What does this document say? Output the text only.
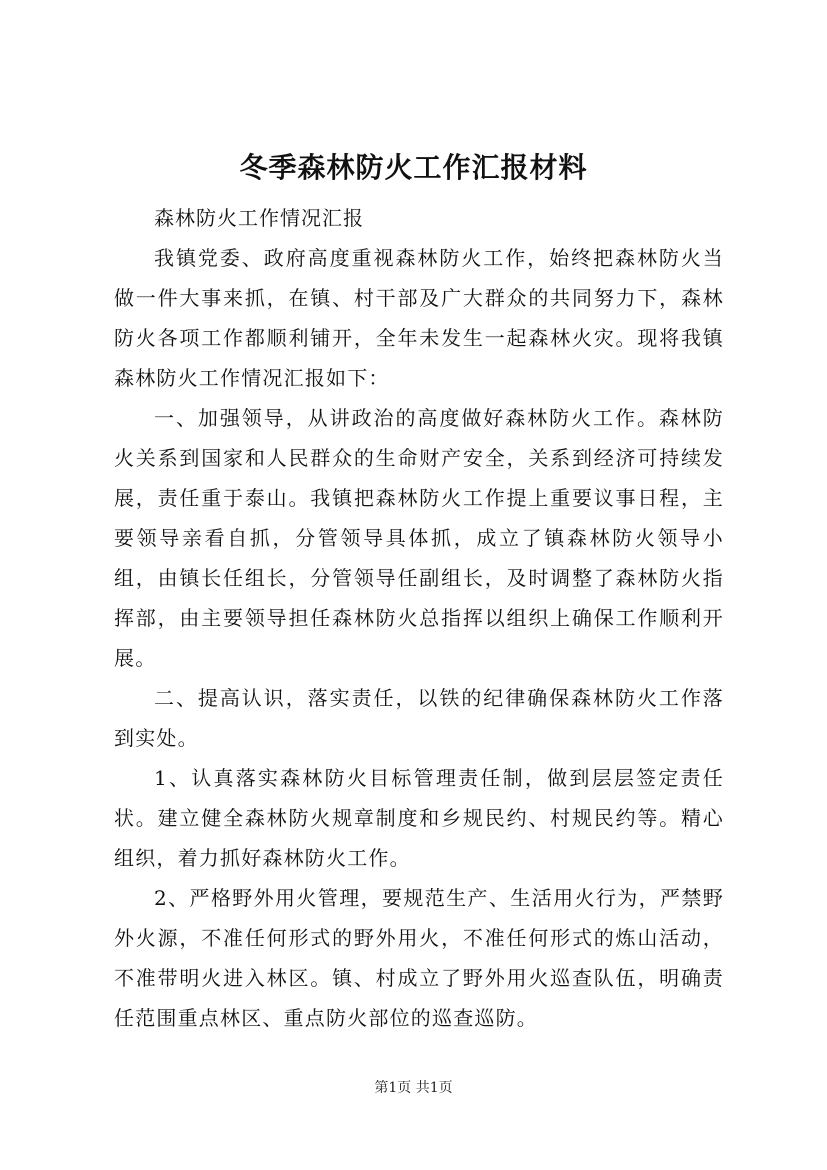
冬季森林防火工作汇报材料

森林防火工作情况汇报

我镇党委、政府高度重视森林防火工作，始终把森林防火当做一件大事来抓，在镇、村干部及广大群众的共同努力下，森林防火各项工作都顺利铺开，全年未发生一起森林火灾。现将我镇森林防火工作情况汇报如下：

一、加强领导，从讲政治的高度做好森林防火工作。森林防火关系到国家和人民群众的生命财产安全，关系到经济可持续发展，责任重于泰山。我镇把森林防火工作提上重要议事日程，主要领导亲看自抓，分管领导具体抓，成立了镇森林防火领导小组，由镇长任组长，分管领导任副组长，及时调整了森林防火指挥部，由主要领导担任森林防火总指挥以组织上确保工作顺利开展。

二、提高认识，落实责任，以铁的纪律确保森林防火工作落到实处。

1、认真落实森林防火目标管理责任制，做到层层签定责任状。建立健全森林防火规章制度和乡规民约、村规民约等。精心组织，着力抓好森林防火工作。

2、严格野外用火管理，要规范生产、生活用火行为，严禁野外火源，不准任何形式的野外用火，不准任何形式的炼山活动，不准带明火进入林区。镇、村成立了野外用火巡查队伍，明确责任范围重点林区、重点防火部位的巡查巡防。

第1页 共1页
